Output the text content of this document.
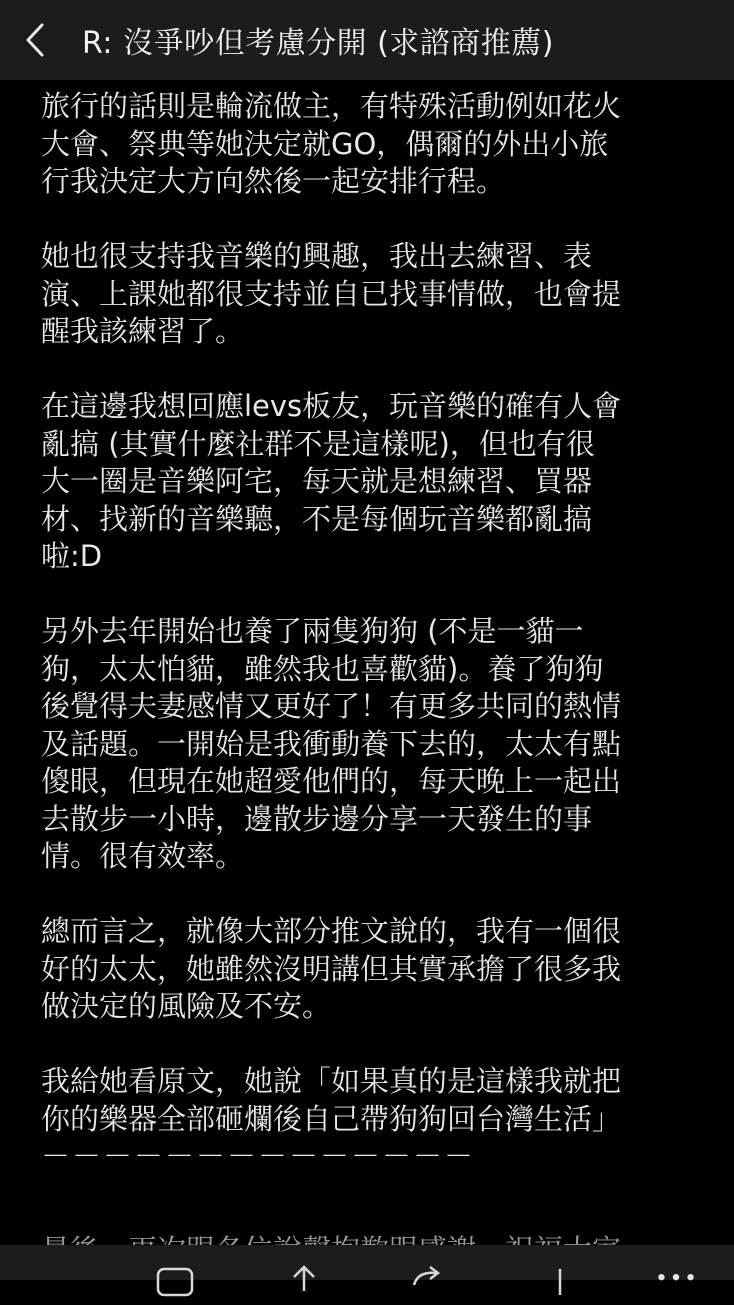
R: 沒爭吵但考慮分開 (求諮商推薦)
旅行的話則是輪流做主，有特殊活動例如花火
大會、祭典等她決定就GO，偶爾的外出小旅
行我決定大方向然後一起安排行程。
她也很支持我音樂的興趣，我出去練習、表
演、上課她都很支持並自已找事情做，也會提
醒我該練習了。
在這邊我想回應levs板友，玩音樂的確有人會
亂搞 (其實什麼社群不是這樣呢)，但也有很
大一圈是音樂阿宅，每天就是想練習、買器
材、找新的音樂聽，不是每個玩音樂都亂搞
啦:D
另外去年開始也養了兩隻狗狗 (不是一貓一
狗，太太怕貓，雖然我也喜歡貓)。養了狗狗
後覺得夫妻感情又更好了！有更多共同的熱情
及話題。一開始是我衝動養下去的，太太有點
傻眼，但現在她超愛他們的，每天晚上一起出
去散步一小時，邊散步邊分享一天發生的事
情。很有效率。
總而言之，就像大部分推文說的，我有一個很
好的太太，她雖然沒明講但其實承擔了很多我
做決定的風險及不安。
我給她看原文，她說「如果真的是這樣我就把
你的樂器全部砸爛後自己帶狗狗回台灣生活」
－－－－－－－－－－－－－－
